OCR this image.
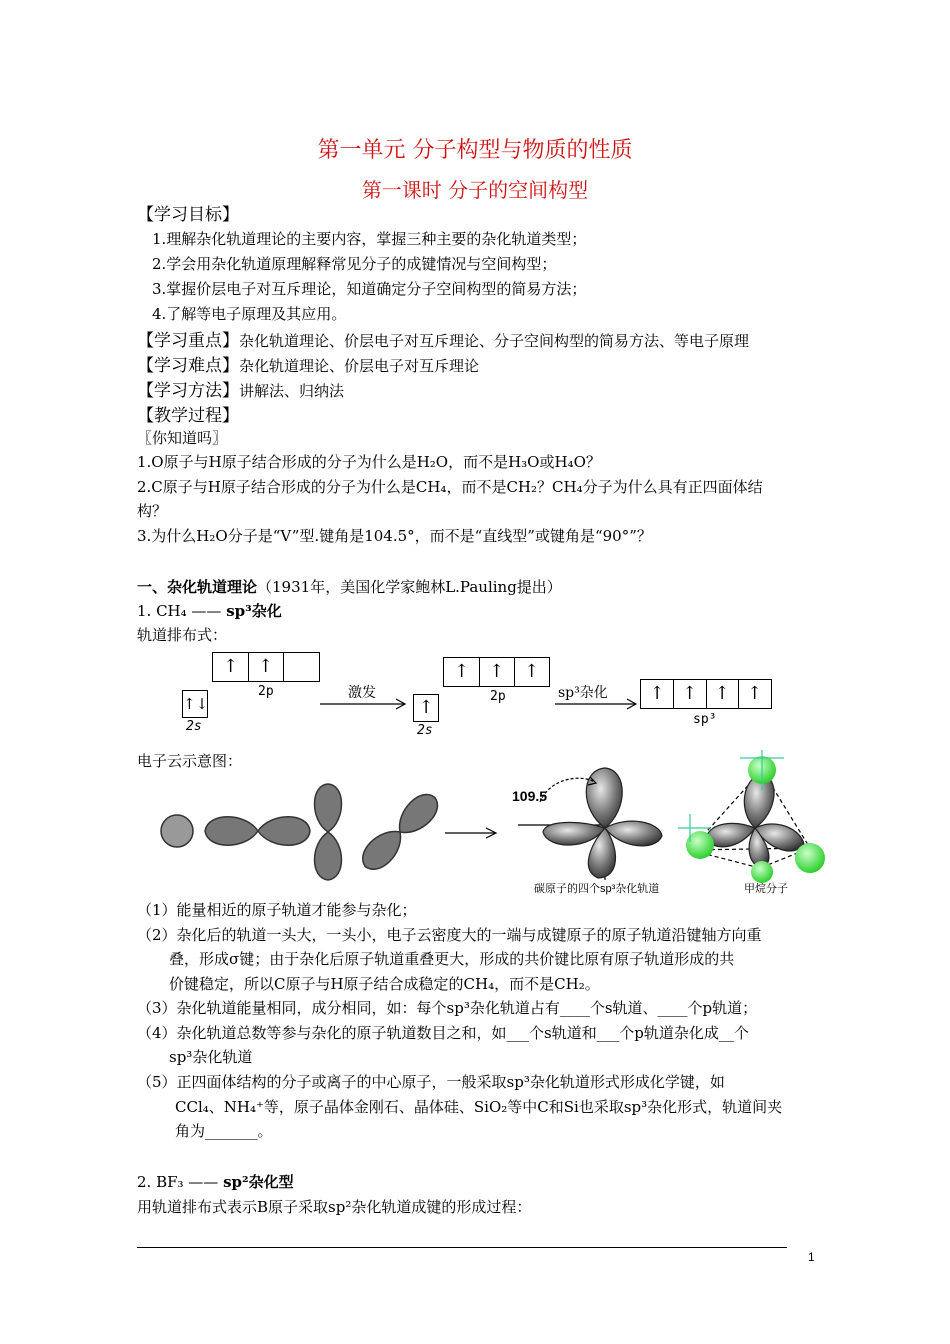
第一单元 分子构型与物质的性质
第一课时 分子的空间构型
【学习目标】
1.理解杂化轨道理论的主要内容，掌握三种主要的杂化轨道类型；
2.学会用杂化轨道原理解释常见分子的成键情况与空间构型；
3.掌握价层电子对互斥理论，知道确定分子空间构型的简易方法；
4.了解等电子原理及其应用。
【学习重点】杂化轨道理论、价层电子对互斥理论、分子空间构型的简易方法、等电子原理
【学习难点】杂化轨道理论、价层电子对互斥理论
【学习方法】讲解法、归纳法
【教学过程】
〖你知道吗〗
1.O原子与H原子结合形成的分子为什么是H₂O，而不是H₃O或H₄O？
2.C原子与H原子结合形成的分子为什么是CH₄，而不是CH₂？CH₄分子为什么具有正四面体结
构？
3.为什么H₂O分子是“V”型.键角是104.5°，而不是“直线型”或键角是“90°”？
一、杂化轨道理论（1931年，美国化学家鲍林L.Pauling提出）
1. CH₄ —— sp³杂化
轨道排布式：
↑	↑
2p
↑↓
2s
激发
↑	↑	↑
2p
↑
2s
sp³杂化	↑ ↑ ↑ ↑
sp³
电子云示意图：
109.5
碳原子的四个sp³杂化轨道	甲烷分子
（1）能量相近的原子轨道才能参与杂化；
（2）杂化后的轨道一头大，一头小，电子云密度大的一端与成键原子的原子轨道沿键轴方向重
叠，形成σ键；由于杂化后原子轨道重叠更大，形成的共价键比原有原子轨道形成的共
价键稳定，所以C原子与H原子结合成稳定的CH₄，而不是CH₂。
（3）杂化轨道能量相同，成分相同，如：每个sp³杂化轨道占有____个s轨道、____个p轨道；
（4）杂化轨道总数等参与杂化的原子轨道数目之和，如___个s轨道和___个p轨道杂化成__个
sp³杂化轨道
（5）正四面体结构的分子或离子的中心原子，一般采取sp³杂化轨道形式形成化学键，如
CCl₄、NH₄⁺等，原子晶体金刚石、晶体硅、SiO₂等中C和Si也采取sp³杂化形式，轨道间夹
角为_______。
2. BF₃ —— sp²杂化型
用轨道排布式表示B原子采取sp²杂化轨道成键的形成过程：
1
